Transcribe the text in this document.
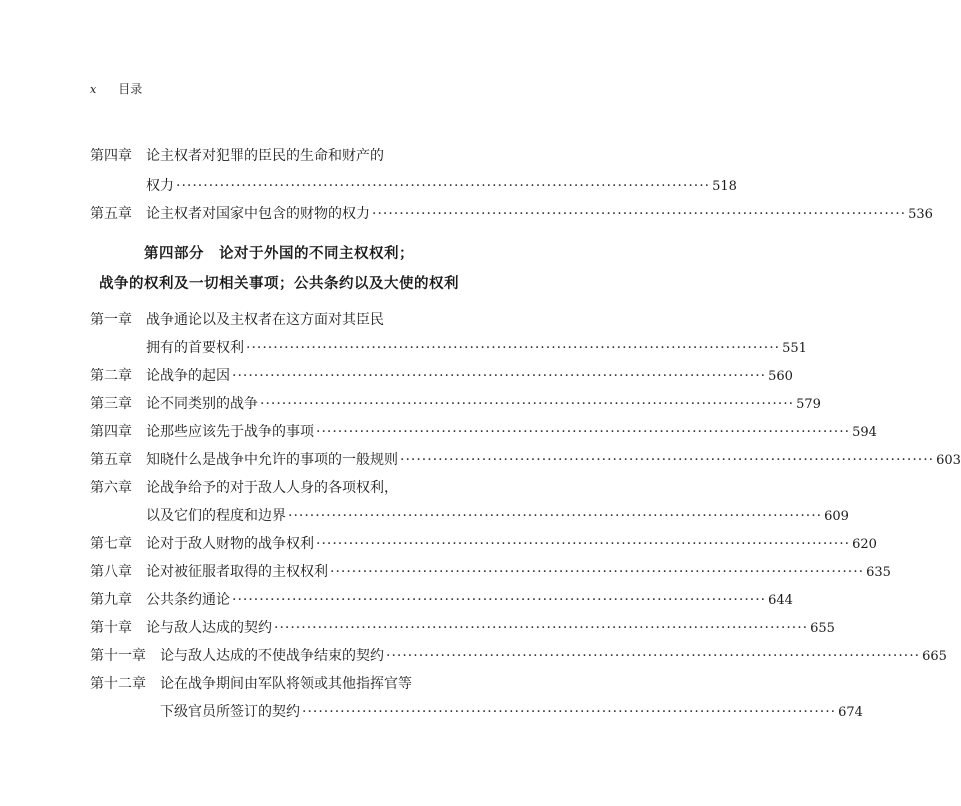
x 目录
第四章	论主权者对犯罪的臣民的生命和财产的
权力 ·····	518
第五章	论主权者对国家中包含的财物的权力 ·····	536
第四部分　论对于外国的不同主权权利；
战争的权利及一切相关事项；公共条约以及大使的权利
第一章	战争通论以及主权者在这方面对其臣民
拥有的首要权利 ·····	551
第二章	论战争的起因 ·····	560
第三章	论不同类别的战争 ·····	579
第四章	论那些应该先于战争的事项 ·····	594
第五章	知晓什么是战争中允许的事项的一般规则 ·····	603
第六章	论战争给予的对于敌人人身的各项权利，
以及它们的程度和边界 ·····	609
第七章	论对于敌人财物的战争权利 ·····	620
第八章	论对被征服者取得的主权权利 ·····	635
第九章	公共条约通论 ·····	644
第十章	论与敌人达成的契约 ·····	655
第十一章	论与敌人达成的不使战争结束的契约 ·····	665
第十二章	论在战争期间由军队将领或其他指挥官等
下级官员所签订的契约 ·····	674
